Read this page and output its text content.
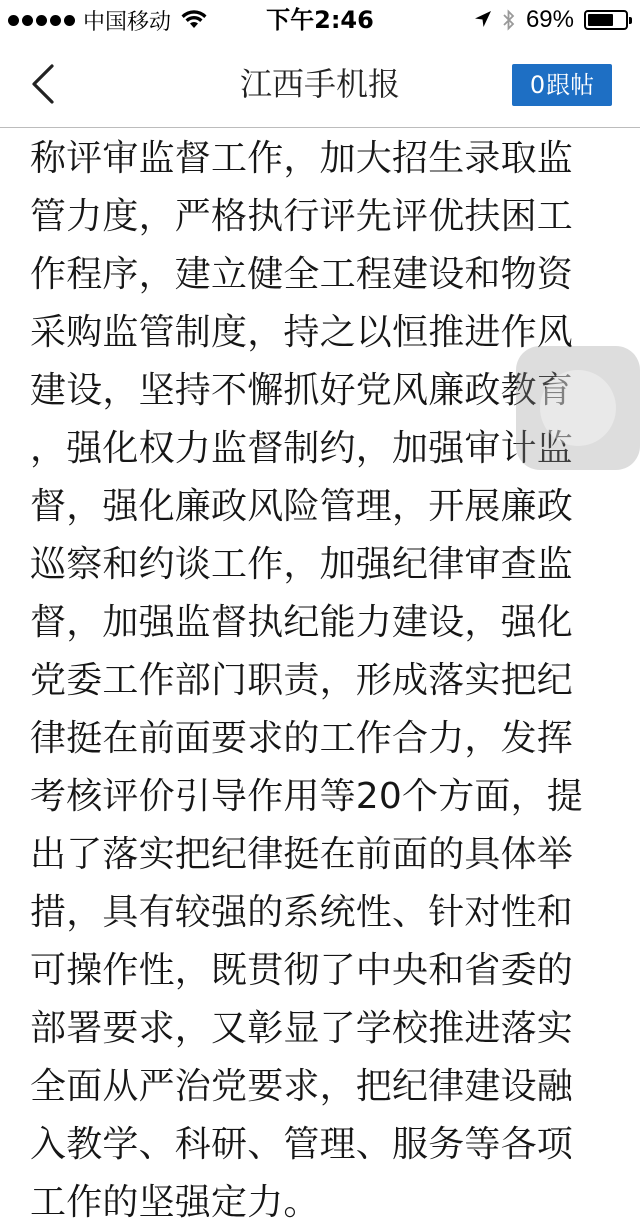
中国移动	下午2:46	69%
江西手机报	0跟帖
称评审监督工作，加大招生录取监
管力度，严格执行评先评优扶困工
作程序，建立健全工程建设和物资
采购监管制度，持之以恒推进作风
建设，坚持不懈抓好党风廉政教育
，强化权力监督制约，加强审计监
督，强化廉政风险管理，开展廉政
巡察和约谈工作，加强纪律审查监
督，加强监督执纪能力建设，强化
党委工作部门职责，形成落实把纪
律挺在前面要求的工作合力，发挥
考核评价引导作用等20个方面，提
出了落实把纪律挺在前面的具体举
措，具有较强的系统性、针对性和
可操作性，既贯彻了中央和省委的
部署要求，又彰显了学校推进落实
全面从严治党要求，把纪律建设融
入教学、科研、管理、服务等各项
工作的坚强定力。
